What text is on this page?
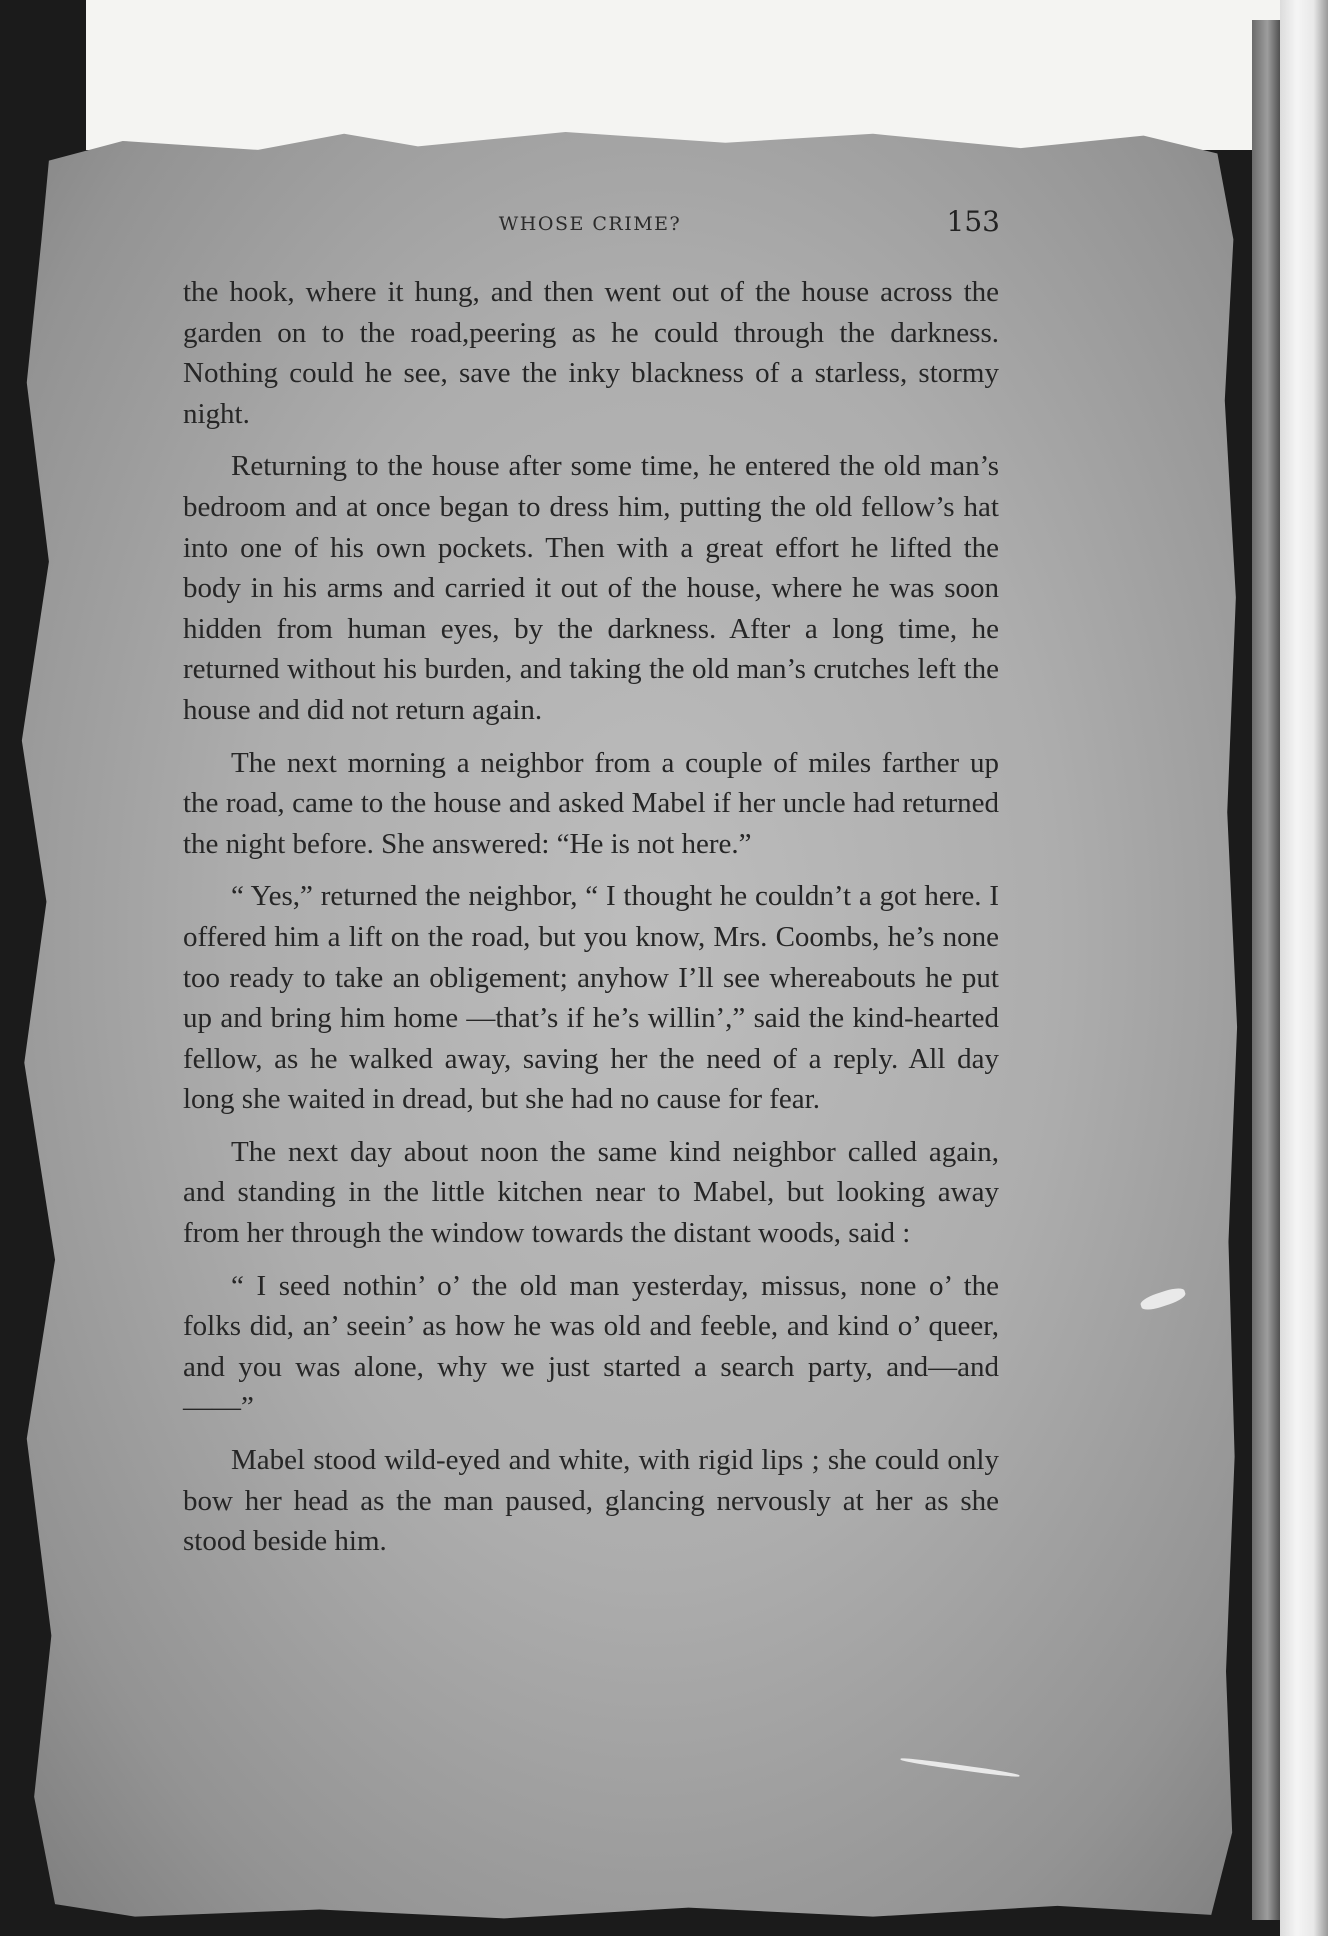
WHOSE CRIME?	153

the hook, where it hung, and then went out of the house across the garden on to the road,peering as he could through the darkness. Nothing could he see, save the inky blackness of a starless, stormy night.

Returning to the house after some time, he entered the old man’s bedroom and at once began to dress him, putting the old fellow’s hat into one of his own pockets. Then with a great effort he lifted the body in his arms and carried it out of the house, where he was soon hidden from human eyes, by the darkness. After a long time, he returned without his burden, and taking the old man’s crutches left the house and did not return again.

The next morning a neighbor from a couple of miles farther up the road, came to the house and asked Mabel if her uncle had returned the night before. She answered: “He is not here.”

“ Yes,” returned the neighbor, “ I thought he couldn’t a got here. I offered him a lift on the road, but you know, Mrs. Coombs, he’s none too ready to take an obligement; anyhow I’ll see whereabouts he put up and bring him home —that’s if he’s willin’,” said the kind-hearted fellow, as he walked away, saving her the need of a reply. All day long she waited in dread, but she had no cause for fear.

The next day about noon the same kind neighbor called again, and standing in the little kitchen near to Mabel, but looking away from her through the window towards the distant woods, said :

“ I seed nothin’ o’ the old man yesterday, missus, none o’ the folks did, an’ seein’ as how he was old and feeble, and kind o’ queer, and you was alone, why we just started a search party, and—and——”

Mabel stood wild-eyed and white, with rigid lips ; she could only bow her head as the man paused, glancing nervously at her as she stood beside him.
